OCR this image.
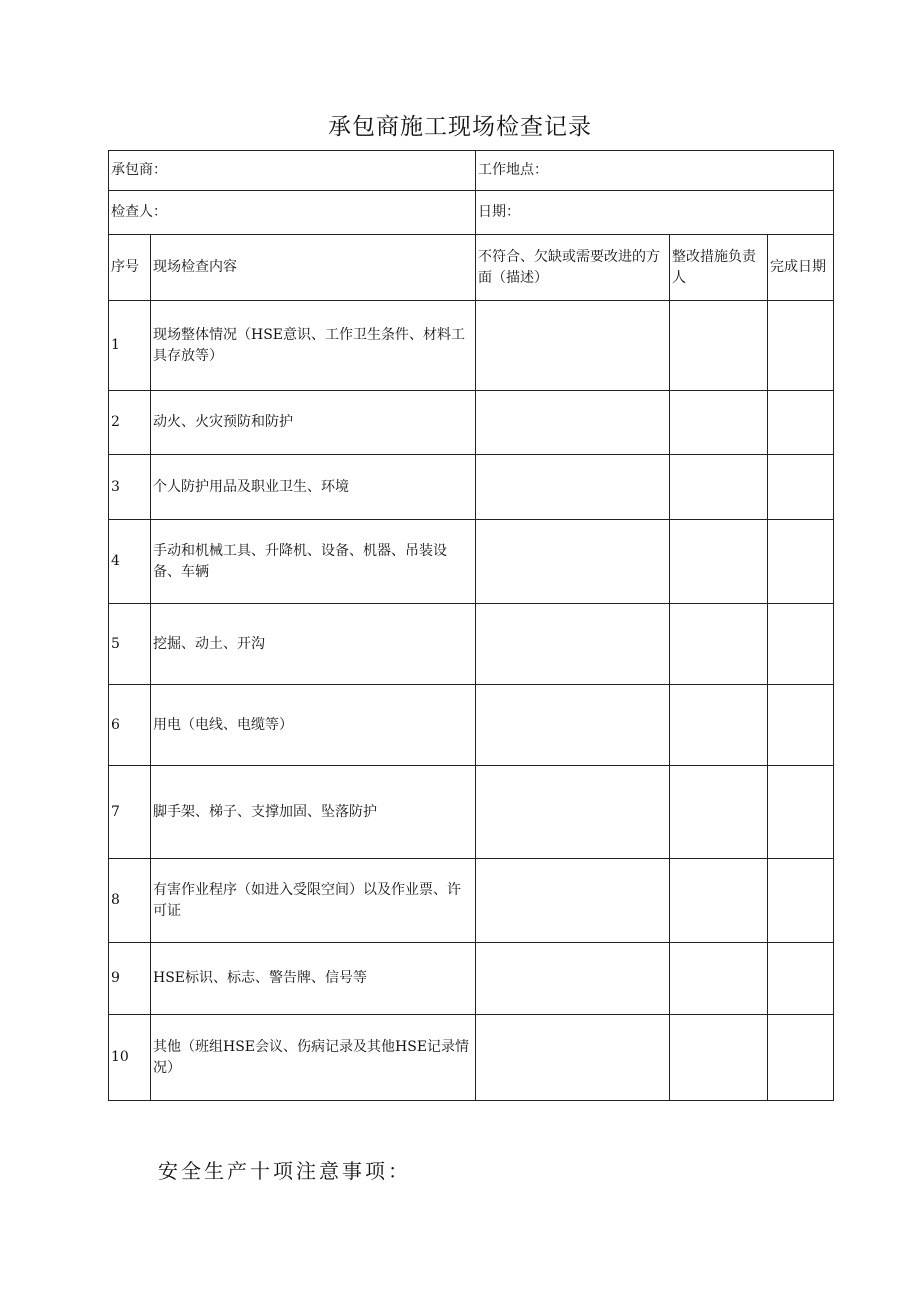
承包商施工现场检查记录
承包商：		工作地点：		
检查人：		日期：		
序号	现场检查内容	不符合、欠缺或需要改进的方面（描述）	整改措施负责人	完成日期
1	现场整体情况（HSE意识、工作卫生条件、材料工具存放等）			
2	动火、火灾预防和防护			
3	个人防护用品及职业卫生、环境			
4	手动和机械工具、升降机、设备、机器、吊装设备、车辆			
5	挖掘、动土、开沟			
6	用电（电线、电缆等）			
7	脚手架、梯子、支撑加固、坠落防护			
8	有害作业程序（如进入受限空间）以及作业票、许可证			
9	HSE标识、标志、警告牌、信号等			
10	其他（班组HSE会议、伤病记录及其他HSE记录情况）			
安全生产十项注意事项：
